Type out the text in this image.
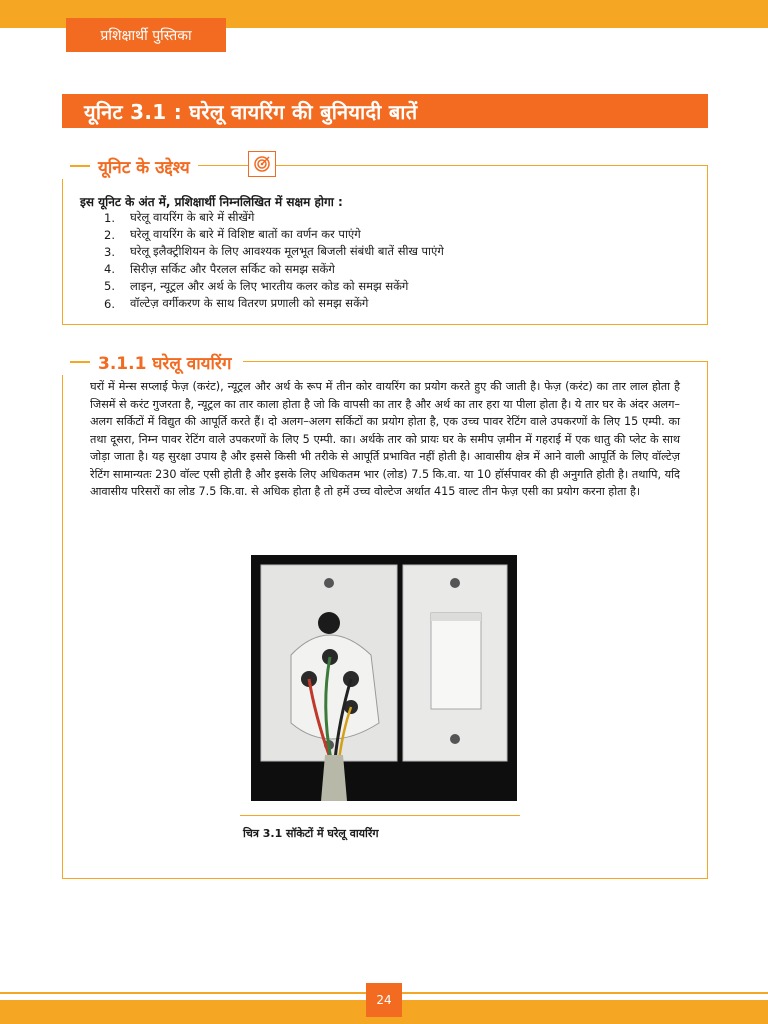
प्रशिक्षार्थी पुस्तिका
यूनिट 3.1 : घरेलू वायरिंग की बुनियादी बातें
यूनिट के उद्देश्य
इस यूनिट के अंत में, प्रशिक्षार्थी निम्नलिखित में सक्षम होगा :
1.	घरेलू वायरिंग के बारे में सीखेंगे
2.	घरेलू वायरिंग के बारे में विशिष्ट बातों का वर्णन कर पाएंगे
3.	घरेलू इलैक्ट्रीशियन के लिए आवश्यक मूलभूत बिजली संबंधी बातें सीख पाएंगे
4.	सिरीज़ सर्किट और पैरलल सर्किट को समझ सकेंगे
5.	लाइन, न्यूट्रल और अर्थ के लिए भारतीय कलर कोड को समझ सकेंगे
6.	वॉल्टेज़ वर्गीकरण के साथ वितरण प्रणाली को समझ सकेंगे
3.1.1 घरेलू वायरिंग
घरों में मेन्स सप्लाई फेज़ (करंट), न्यूट्रल और अर्थ के रूप में तीन कोर वायरिंग का प्रयोग करते हुए की जाती है। फेज़ (करंट) का तार लाल होता है जिसमें से करंट गुजरता है, न्यूट्रल का तार काला होता है जो कि वापसी का तार है और अर्थ का तार हरा या पीला होता है। ये तार घर के अंदर अलग–अलग सर्किटों में विद्युत की आपूर्ति करते हैं। दो अलग–अलग सर्किटों का प्रयोग होता है, एक उच्च पावर रेटिंग वाले उपकरणों के लिए 15 एम्पी. का तथा दूसरा, निम्न पावर रेटिंग वाले उपकरणों के लिए 5 एम्पी. का। अर्थके तार को प्रायः घर के समीप ज़मीन में गहराई में एक धातु की प्लेट के साथ जोड़ा जाता है। यह सुरक्षा उपाय है और इससे किसी भी तरीके से आपूर्ति प्रभावित नहीं होती है। आवासीय क्षेत्र में आने वाली आपूर्ति के लिए वॉल्टेज़ रेटिंग सामान्यतः 230 वॉल्ट एसी होती है और इसके लिए अधिकतम भार (लोड) 7.5 कि.वा. या 10 हॉर्सपावर की ही अनुगति होती है। तथापि, यदि आवासीय परिसरों का लोड 7.5 कि.वा. से अधिक होता है तो हमें उच्च वोल्टेज अर्थात 415 वाल्ट तीन फेज़ एसी का प्रयोग करना होता है।
चित्र 3.1 सॉकेटों में घरेलू वायरिंग
24
